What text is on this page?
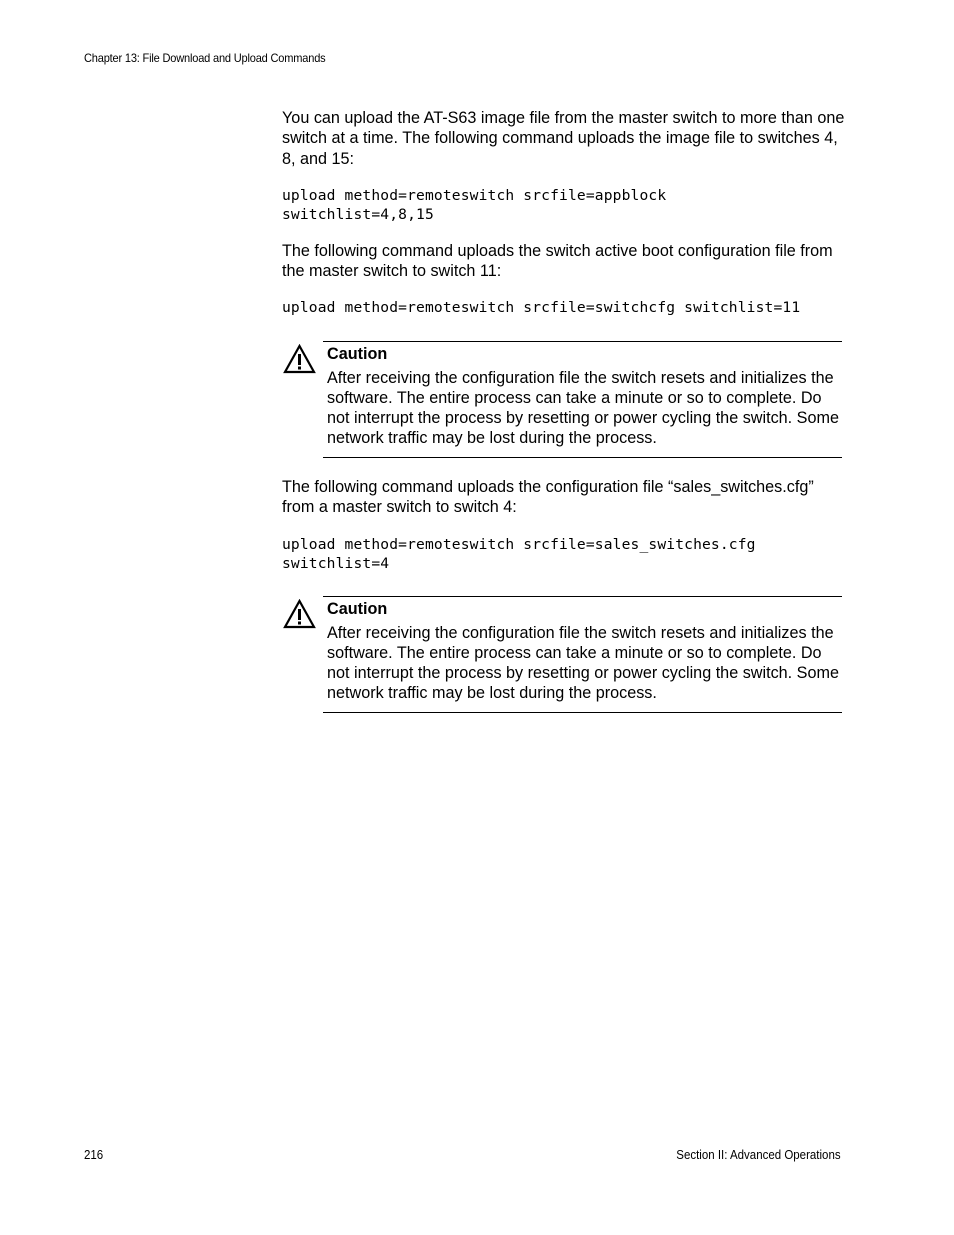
Chapter 13: File Download and Upload Commands

You can upload the AT-S63 image file from the master switch to more than one switch at a time. The following command uploads the image file to switches 4, 8, and 15:

upload method=remoteswitch srcfile=appblock
switchlist=4,8,15

The following command uploads the switch active boot configuration file from the master switch to switch 11:

upload method=remoteswitch srcfile=switchcfg switchlist=11
Caution
After receiving the configuration file the switch resets and initializes the software. The entire process can take a minute or so to complete. Do not interrupt the process by resetting or power cycling the switch. Some network traffic may be lost during the process.

The following command uploads the configuration file “sales_switches.cfg” from a master switch to switch 4:

upload method=remoteswitch srcfile=sales_switches.cfg
switchlist=4
Caution
After receiving the configuration file the switch resets and initializes the software. The entire process can take a minute or so to complete. Do not interrupt the process by resetting or power cycling the switch. Some network traffic may be lost during the process.
216	Section II: Advanced Operations
